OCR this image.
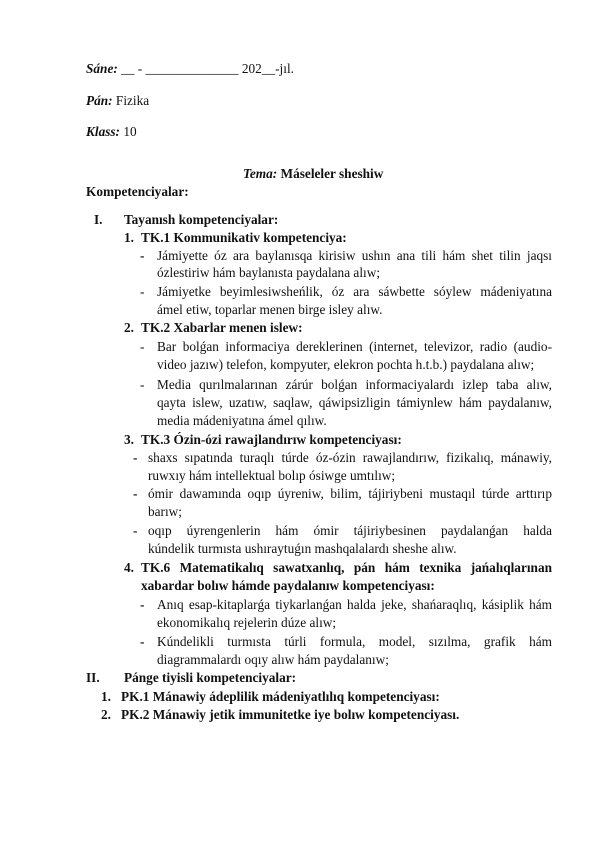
Sáne: __ - ______________ 202__-jıl.
Pán: Fizika
Klass: 10
Tema: Máseleler sheshiw
Kompetenciyalar:
I. Tayanısh kompetenciyalar:
1. TK.1 Kommunikativ kompetenciya:
- Jámiyette óz ara baylanısqa kirisiw ushın ana tili hám shet tilin jaqsı
ózlestiriw hám baylanısta paydalana alıw;
- Jámiyetke beyimlesiwsheńlik, óz ara sáwbette sóylew mádeniyatına
ámel etiw, toparlar menen birge isley alıw.
2. TK.2 Xabarlar menen islew:
- Bar bolǵan informaciya dereklerinen (internet, televizor, radio (audio-
video jazıw) telefon, kompyuter, elekron pochta h.t.b.) paydalana alıw;
- Media qurılmalarınan zárúr bolǵan informaciyalardı izlep taba alıw,
qayta islew, uzatıw, saqlaw, qáwipsizligin támiynlew hám paydalanıw,
media mádeniyatına ámel qılıw.
3. TK.3 Ózin-ózi rawajlandırıw kompetenciyası:
- shaxs sıpatında turaqlı túrde óz-ózin rawajlandırıw, fizikalıq, mánawiy,
ruwxıy hám intellektual bolıp ósiwge umtılıw;
- ómir dawamında oqıp úyreniw, bilim, tájiriybeni mustaqıl túrde arttırıp
barıw;
- oqıp úyrengenlerin hám ómir tájiriybesinen paydalanǵan halda
kúndelik turmısta ushıraytuǵın mashqalalardı sheshe alıw.
4. TK.6 Matematikalıq sawatxanlıq, pán hám texnika jańalıqlarınan
xabardar bolıw hámde paydalanıw kompetenciyası:
- Anıq esap-kitaplarǵa tiykarlanǵan halda jeke, shańaraqlıq, kásiplik hám
ekonomikalıq rejelerin dúze alıw;
- Kúndelikli turmısta túrli formula, model, sızılma, grafik hám
diagrammalardı oqıy alıw hám paydalanıw;
II. Pánge tiyisli kompetenciyalar:
1. PK.1 Mánawiy ádeplilik mádeniyatlılıq kompetenciyası:
2. PK.2 Mánawiy jetik immunitetke iye bolıw kompetenciyası.
